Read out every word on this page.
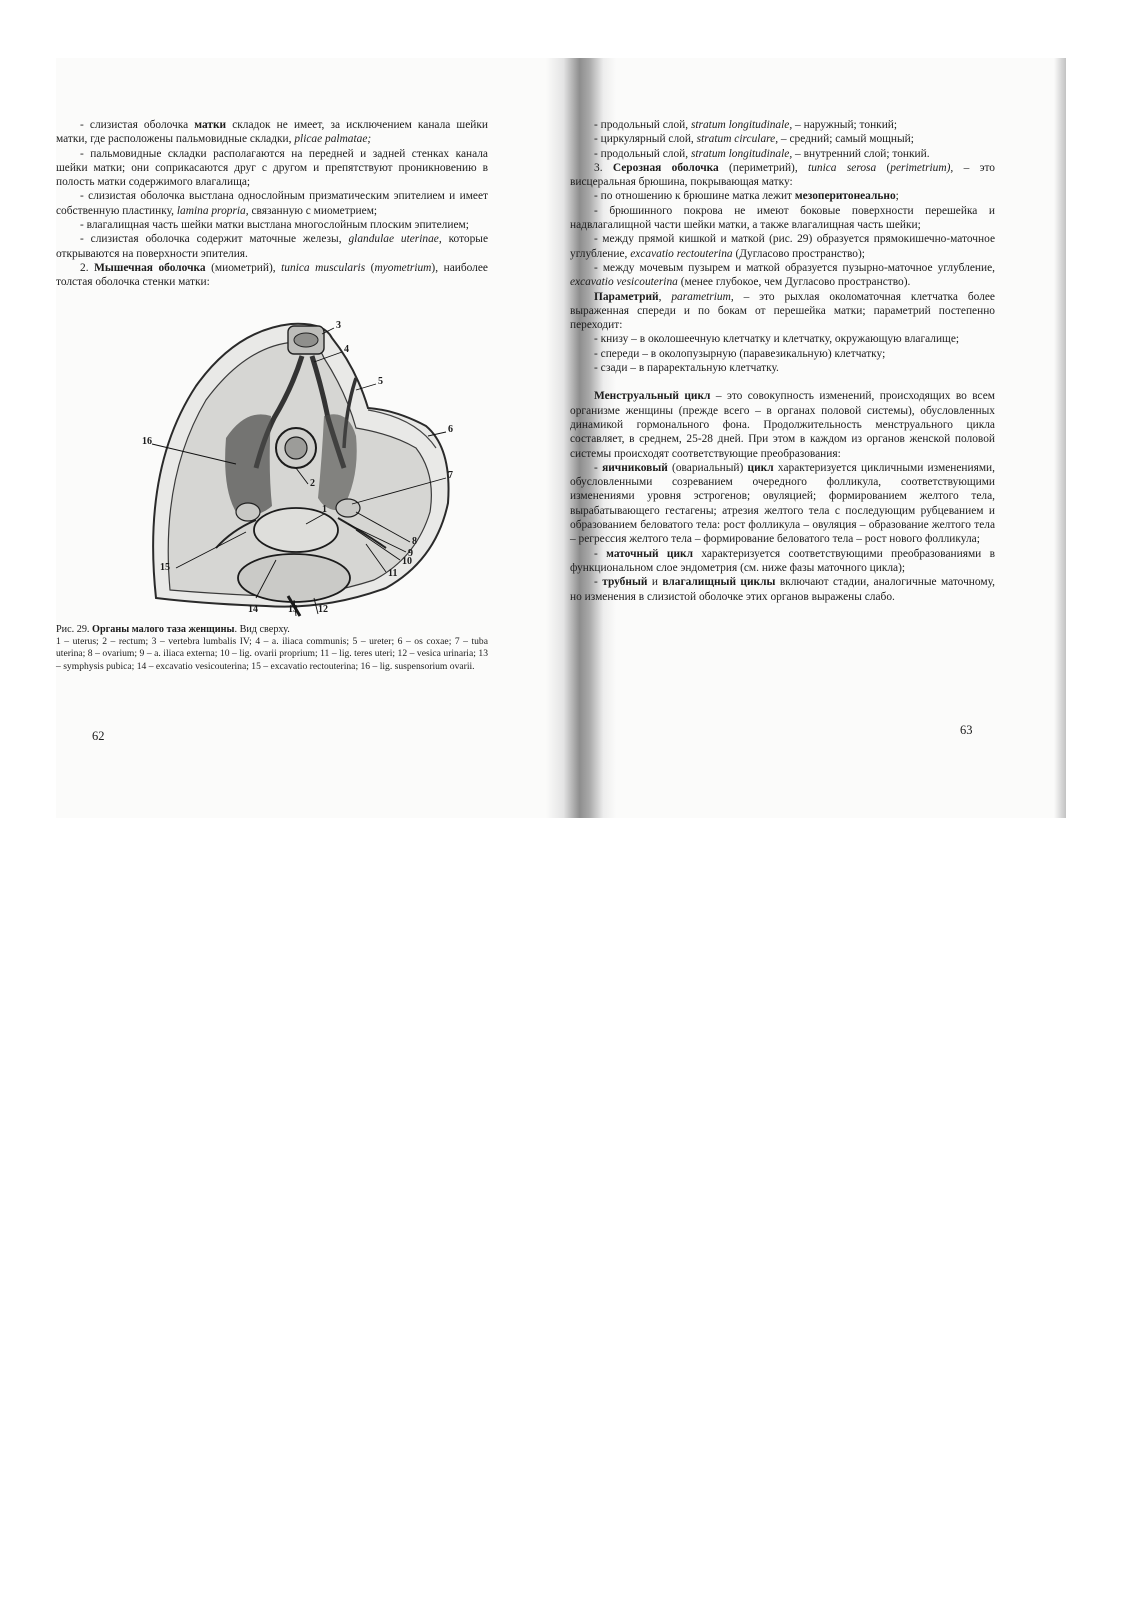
- слизистая оболочка матки складок не имеет, за исключением канала шейки матки, где расположены пальмовидные складки, plicae palmatae;

- пальмовидные складки располагаются на передней и задней стенках канала шейки матки; они соприкасаются друг с другом и препятствуют проникновению в полость матки содержимого влагалища;

- слизистая оболочка выстлана однослойным призматическим эпителием и имеет собственную пластинку, lamina propria, связанную с миометрием;

- влагалищная часть шейки матки выстлана многослойным плоским эпителием;

- слизистая оболочка содержит маточные железы, glandulae uterinae, которые открываются на поверхности эпителия.

2. Мышечная оболочка (миометрий), tunica muscularis (myometrium), наиболее толстая оболочка стенки матки:

3
4
5
6
16
2
7
1
8
9
10
11
15
14	13 12
Рис. 29. Органы малого таза женщины. Вид сверху.
1 – uterus; 2 – rectum; 3 – vertebra lumbalis IV; 4 – a. iliaca communis; 5 – ureter; 6 – os coxae; 7 – tuba uterina; 8 – ovarium; 9 – a. iliaca externa; 10 – lig. ovarii proprium; 11 – lig. teres uteri; 12 – vesica urinaria; 13 – symphysis pubica; 14 – excavatio vesicouterina; 15 – excavatio rectouterina; 16 – lig. suspensorium ovarii.
62

- продольный слой, stratum longitudinale, – наружный; тонкий;

- циркулярный слой, stratum circulare, – средний; самый мощный;

- продольный слой, stratum longitudinale, – внутренний слой; тонкий.

3. Серозная оболочка (периметрий), tunica serosa (perimetrium), – это висцеральная брюшина, покрывающая матку:

- по отношению к брюшине матка лежит мезоперитонеально;

- брюшинного покрова не имеют боковые поверхности перешейка и надвлагалищной части шейки матки, а также влагалищная часть шейки;

- между прямой кишкой и маткой (рис. 29) образуется прямокишечно-маточное углубление, excavatio rectouterina (Дугласово пространство);

- между мочевым пузырем и маткой образуется пузырно-маточное углубление, excavatio vesicouterina (менее глубокое, чем Дугласово пространство).

Параметрий, parametrium, – это рыхлая околоматочная клетчатка более выраженная спереди и по бокам от перешейка матки; параметрий постепенно переходит:

- книзу – в околошеечную клетчатку и клетчатку, окружающую влагалище;

- спереди – в околопузырную (паравезикальную) клетчатку;

- сзади – в параректальную клетчатку.

Менструальный цикл – это совокупность изменений, происходящих во всем организме женщины (прежде всего – в органах половой системы), обусловленных динамикой гормонального фона. Продолжительность менструального цикла составляет, в среднем, 25-28 дней. При этом в каждом из органов женской половой системы происходят соответствующие преобразования:

- яичниковый (овариальный) цикл характеризуется цикличными изменениями, обусловленными созреванием очередного фолликула, соответствующими изменениями уровня эстрогенов; овуляцией; формированием желтого тела, вырабатывающего гестагены; атрезия желтого тела с последующим рубцеванием и образованием беловатого тела: рост фолликула – овуляция – образование желтого тела – регрессия желтого тела – формирование беловатого тела – рост нового фолликула;

- маточный цикл характеризуется соответствующими преобразованиями в функциональном слое эндометрия (см. ниже фазы маточного цикла);

- трубный и влагалищный циклы включают стадии, аналогичные маточному, но изменения в слизистой оболочке этих органов выражены слабо.

63
